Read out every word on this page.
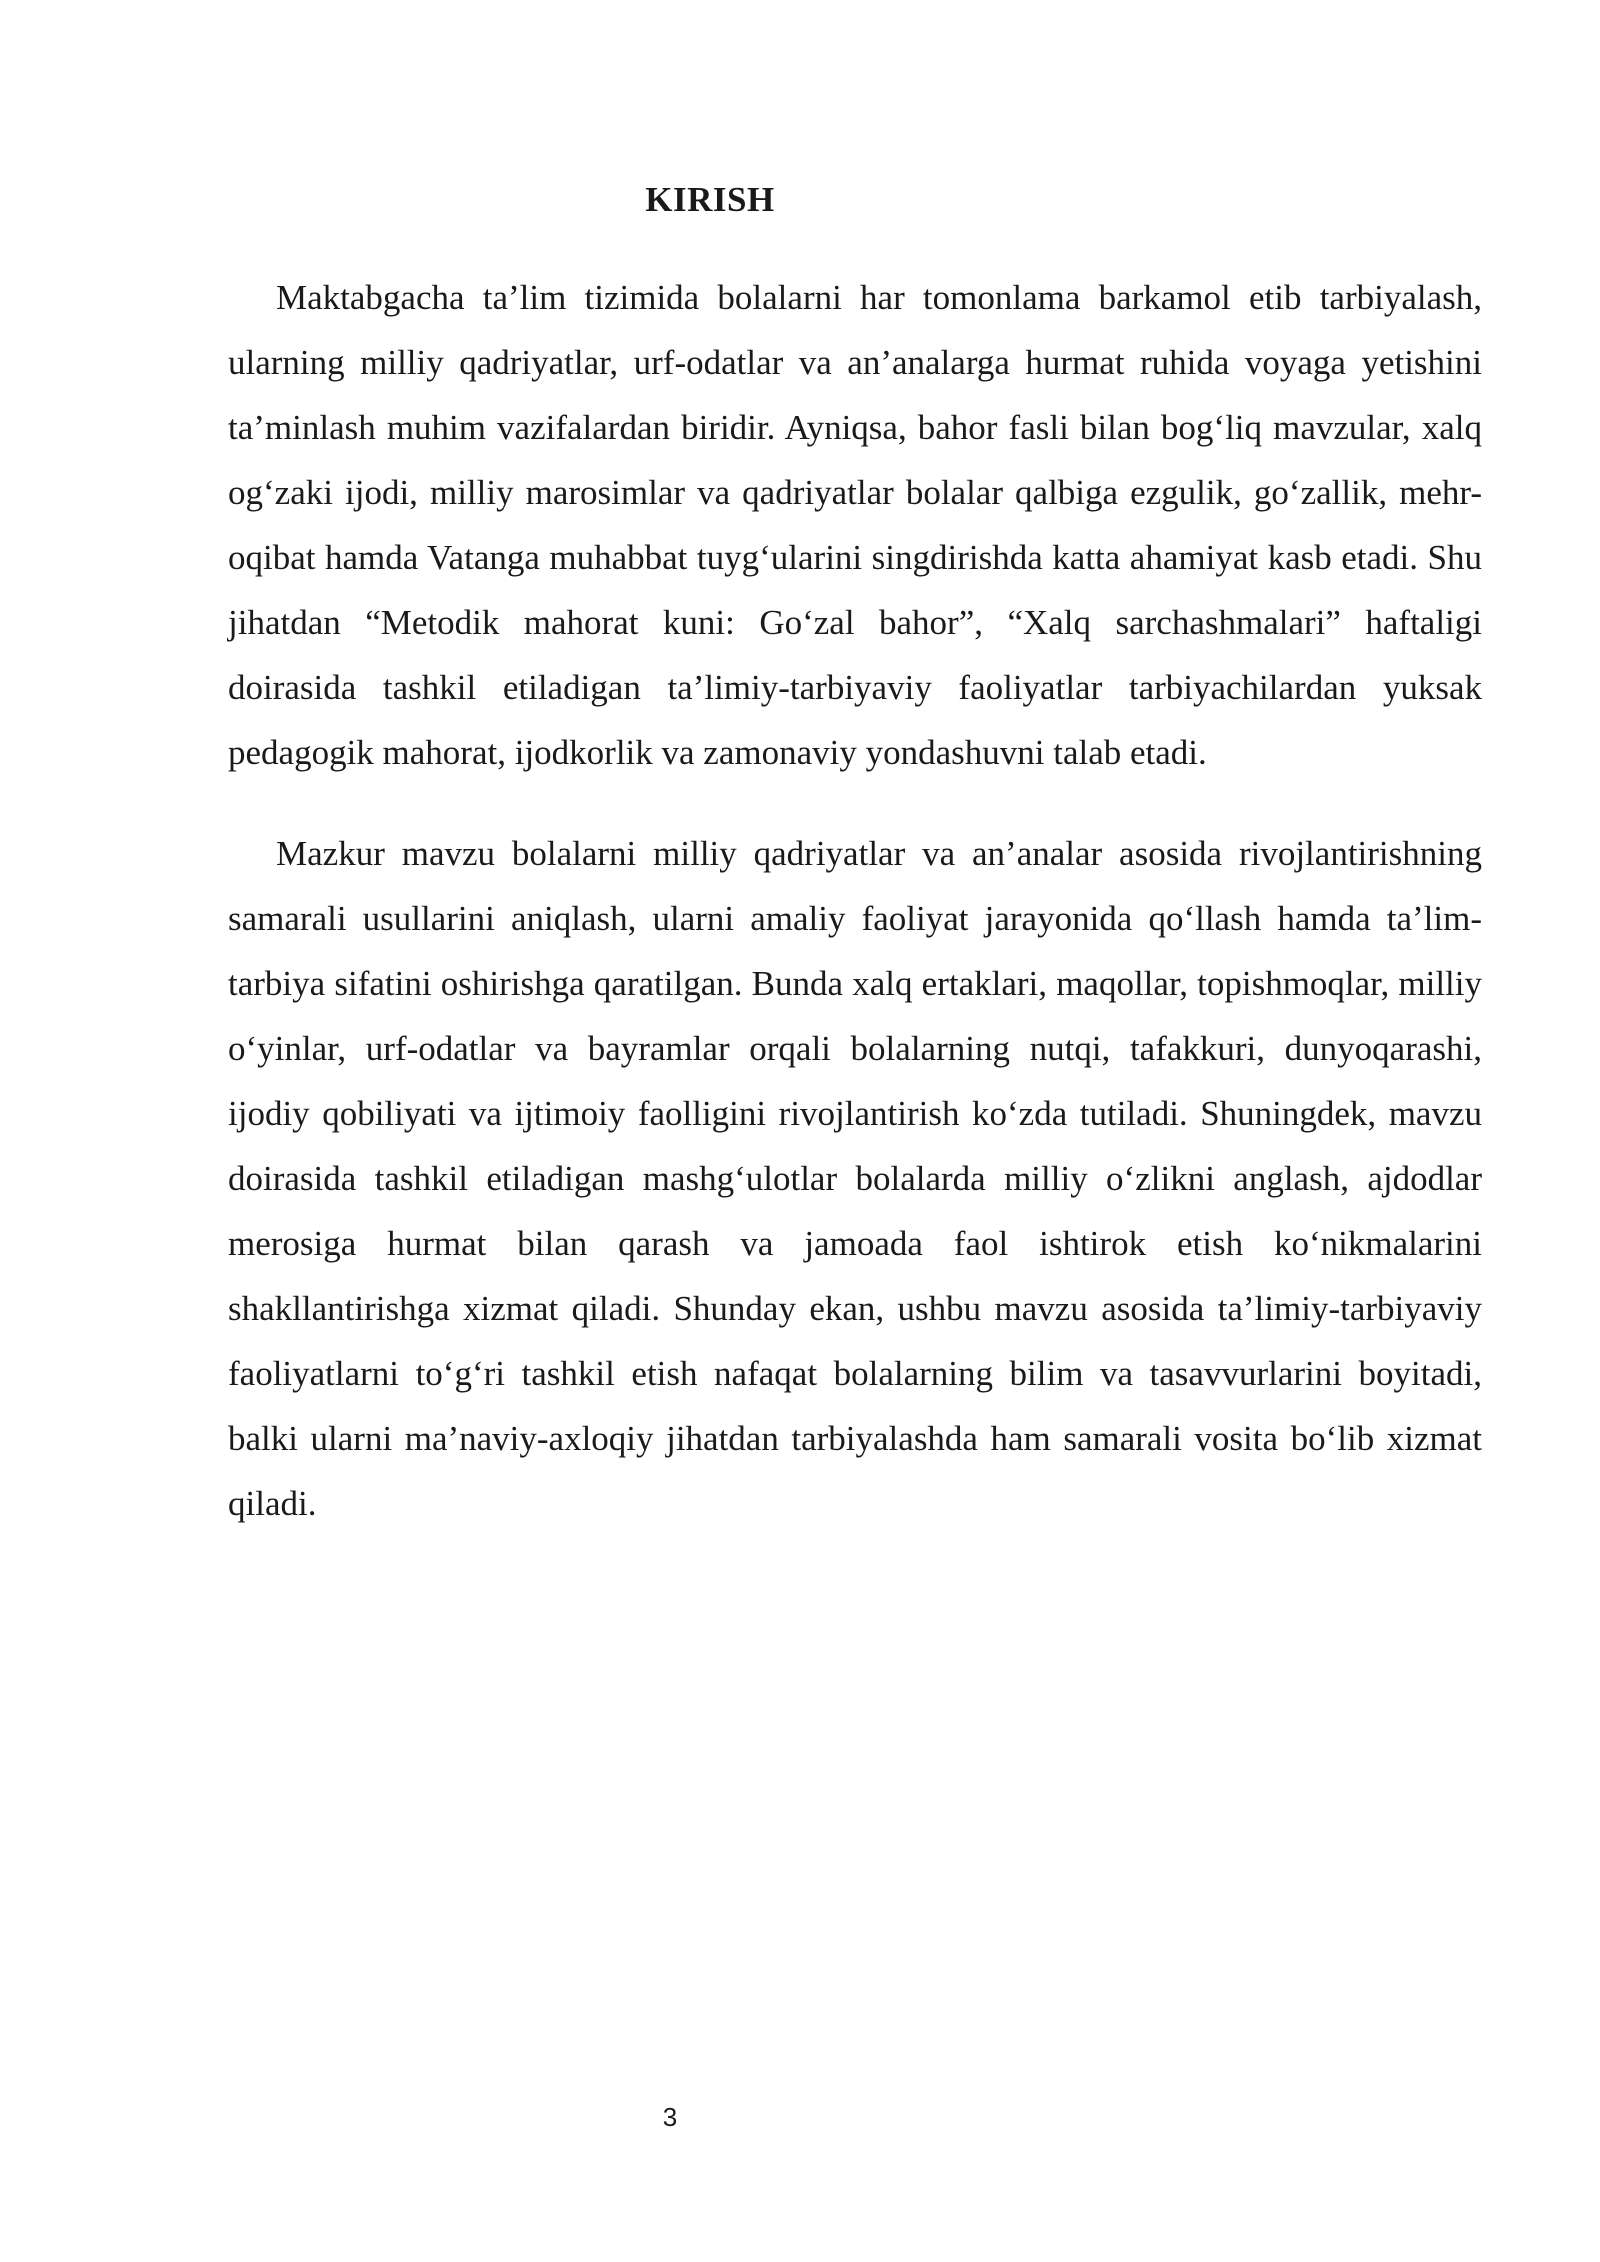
KIRISH

Maktabgacha ta’lim tizimida bolalarni har tomonlama barkamol etib tarbiyalash, ularning milliy qadriyatlar, urf-odatlar va an’analarga hurmat ruhida voyaga yetishini ta’minlash muhim vazifalardan biridir. Ayniqsa, bahor fasli bilan bog‘liq mavzular, xalq og‘zaki ijodi, milliy marosimlar va qadriyatlar bolalar qalbiga ezgulik, go‘zallik, mehr-oqibat hamda Vatanga muhabbat tuyg‘ularini singdirishda katta ahamiyat kasb etadi. Shu jihatdan “Metodik mahorat kuni: Go‘zal bahor”, “Xalq sarchashmalari” haftaligi doirasida tashkil etiladigan ta’limiy-tarbiyaviy faoliyatlar tarbiyachilardan yuksak pedagogik mahorat, ijodkorlik va zamonaviy yondashuvni talab etadi.

Mazkur mavzu bolalarni milliy qadriyatlar va an’analar asosida rivojlantirishning samarali usullarini aniqlash, ularni amaliy faoliyat jarayonida qo‘llash hamda ta’lim-tarbiya sifatini oshirishga qaratilgan. Bunda xalq ertaklari, maqollar, topishmoqlar, milliy o‘yinlar, urf-odatlar va bayramlar orqali bolalarning nutqi, tafakkuri, dunyoqarashi, ijodiy qobiliyati va ijtimoiy faolligini rivojlantirish ko‘zda tutiladi. Shuningdek, mavzu doirasida tashkil etiladigan mashg‘ulotlar bolalarda milliy o‘zlikni anglash, ajdodlar merosiga hurmat bilan qarash va jamoada faol ishtirok etish ko‘nikmalarini shakllantirishga xizmat qiladi. Shunday ekan, ushbu mavzu asosida ta’limiy-tarbiyaviy faoliyatlarni to‘g‘ri tashkil etish nafaqat bolalarning bilim va tasavvurlarini boyitadi, balki ularni ma’naviy-axloqiy jihatdan tarbiyalashda ham samarali vosita bo‘lib xizmat qiladi.

3
